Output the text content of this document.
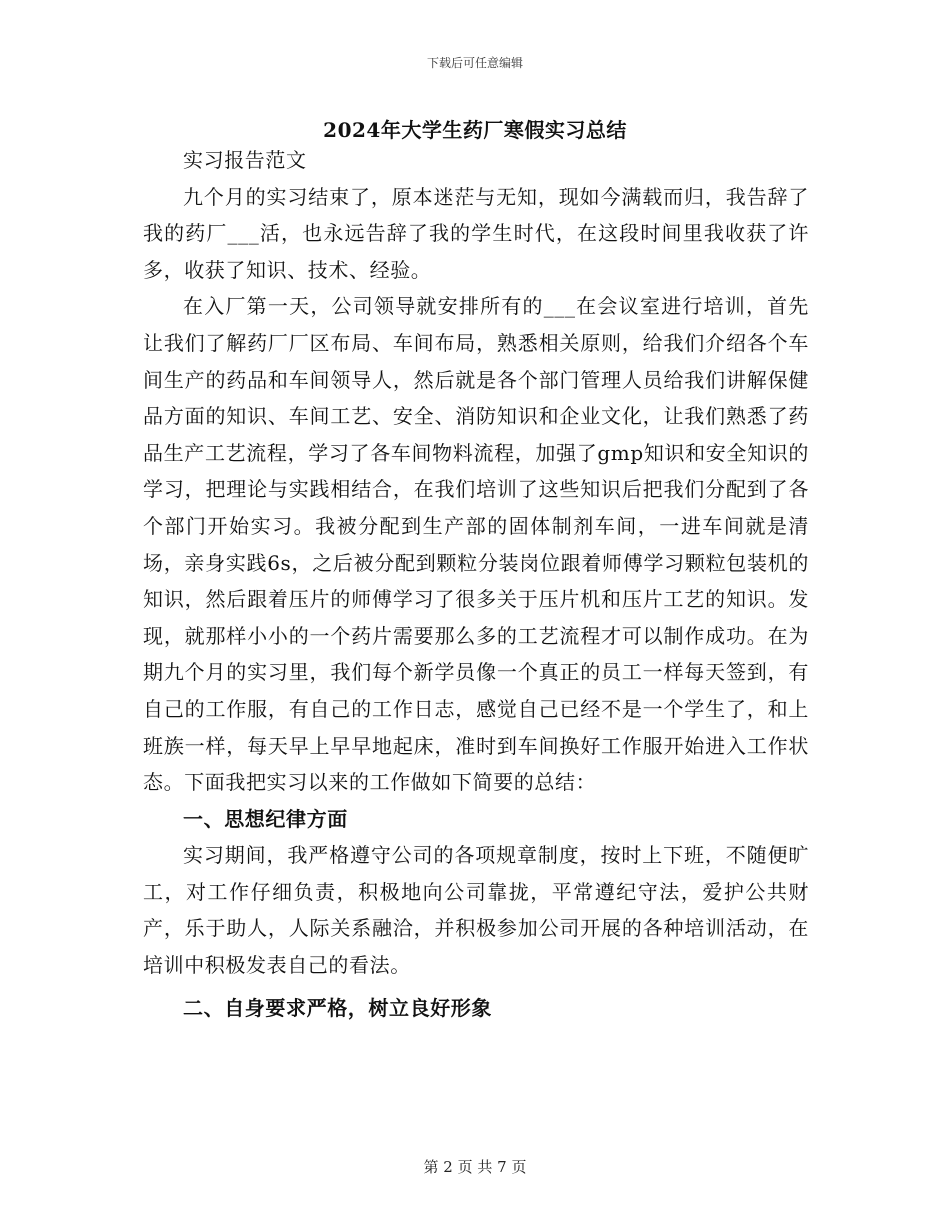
下载后可任意编辑
2024年大学生药厂寒假实习总结

实习报告范文

九个月的实习结束了，原本迷茫与无知，现如今满载而归，我告辞了我的药厂___活，也永远告辞了我的学生时代，在这段时间里我收获了许多，收获了知识、技术、经验。

在入厂第一天，公司领导就安排所有的___在会议室进行培训，首先让我们了解药厂厂区布局、车间布局，熟悉相关原则，给我们介绍各个车间生产的药品和车间领导人，然后就是各个部门管理人员给我们讲解保健品方面的知识、车间工艺、安全、消防知识和企业文化，让我们熟悉了药品生产工艺流程，学习了各车间物料流程，加强了gmp知识和安全知识的学习，把理论与实践相结合，在我们培训了这些知识后把我们分配到了各个部门开始实习。我被分配到生产部的固体制剂车间，一进车间就是清场，亲身实践6s，之后被分配到颗粒分装岗位跟着师傅学习颗粒包装机的知识，然后跟着压片的师傅学习了很多关于压片机和压片工艺的知识。发现，就那样小小的一个药片需要那么多的工艺流程才可以制作成功。在为期九个月的实习里，我们每个新学员像一个真正的员工一样每天签到，有自己的工作服，有自己的工作日志，感觉自己已经不是一个学生了，和上班族一样，每天早上早早地起床，准时到车间换好工作服开始进入工作状态。下面我把实习以来的工作做如下简要的总结：

一、思想纪律方面

实习期间，我严格遵守公司的各项规章制度，按时上下班，不随便旷工，对工作仔细负责，积极地向公司靠拢，平常遵纪守法，爱护公共财产，乐于助人，人际关系融洽，并积极参加公司开展的各种培训活动，在培训中积极发表自己的看法。

二、自身要求严格，树立良好形象

第 2 页 共 7 页
